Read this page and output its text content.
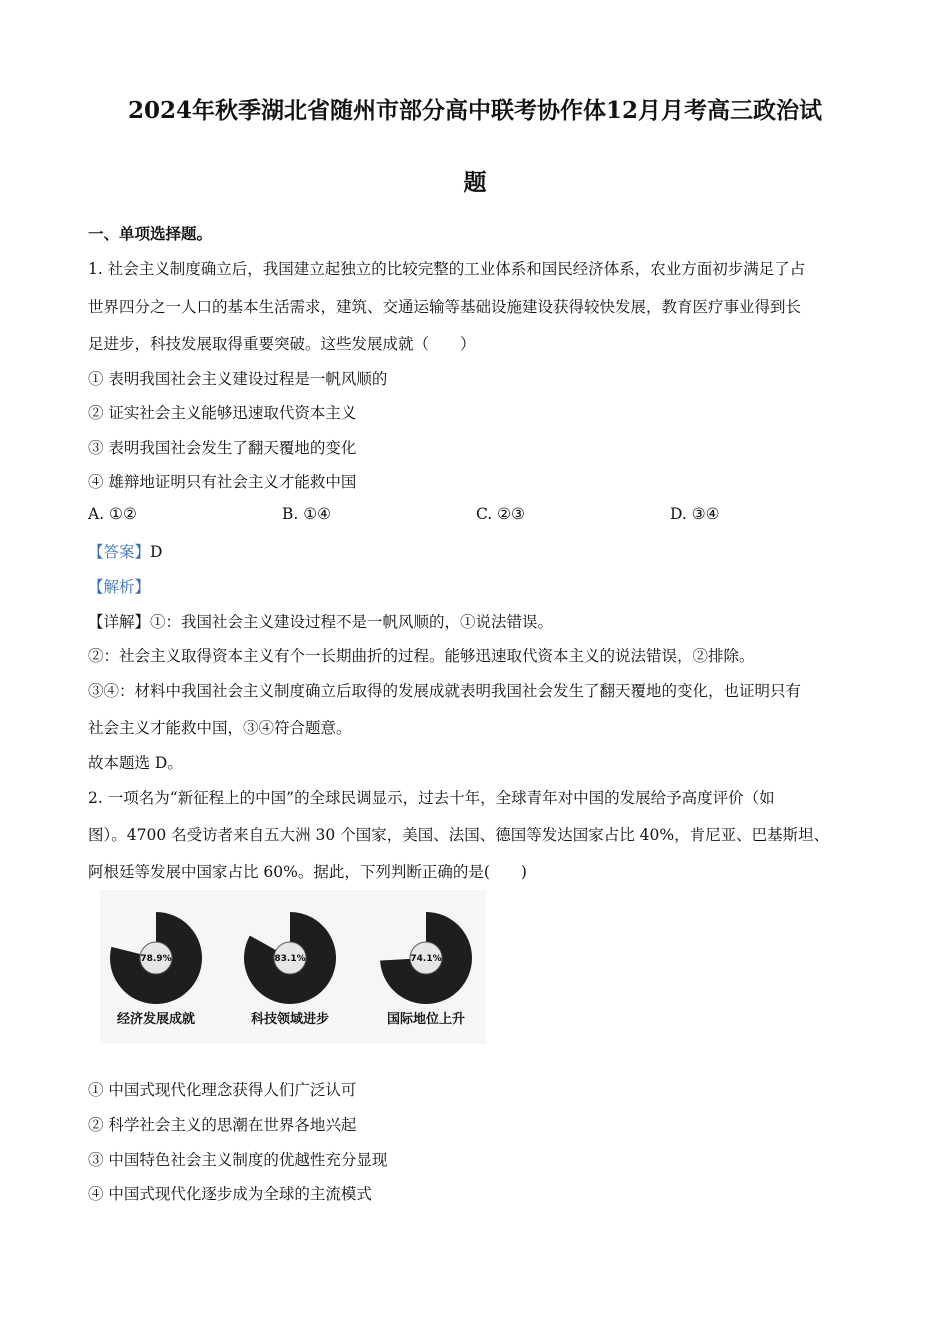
2024年秋季湖北省随州市部分高中联考协作体12月月考高三政治试
题
一、单项选择题。
1. 社会主义制度确立后，我国建立起独立的比较完整的工业体系和国民经济体系，农业方面初步满足了占
世界四分之一人口的基本生活需求，建筑、交通运输等基础设施建设获得较快发展，教育医疗事业得到长
足进步，科技发展取得重要突破。这些发展成就（　　）
① 表明我国社会主义建设过程是一帆风顺的
② 证实社会主义能够迅速取代资本主义
③ 表明我国社会发生了翻天覆地的变化
④ 雄辩地证明只有社会主义才能救中国
A. ①②	B. ①④	C. ②③	D. ③④
【答案】D
【解析】
【详解】①：我国社会主义建设过程不是一帆风顺的，①说法错误。
②：社会主义取得资本主义有个一长期曲折的过程。能够迅速取代资本主义的说法错误，②排除。
③④：材料中我国社会主义制度确立后取得的发展成就表明我国社会发生了翻天覆地的变化，也证明只有
社会主义才能救中国，③④符合题意。
故本题选 D。
2. 一项名为“新征程上的中国”的全球民调显示，过去十年，全球青年对中国的发展给予高度评价（如
图）。4700 名受访者来自五大洲 30 个国家，美国、法国、德国等发达国家占比 40%，肯尼亚、巴基斯坦、
阿根廷等发展中国家占比 60%。据此，下列判断正确的是(　　)
78.9%
经济发展成就
83.1%
科技领域进步
74.1%
国际地位上升
① 中国式现代化理念获得人们广泛认可
② 科学社会主义的思潮在世界各地兴起
③ 中国特色社会主义制度的优越性充分显现
④ 中国式现代化逐步成为全球的主流模式
